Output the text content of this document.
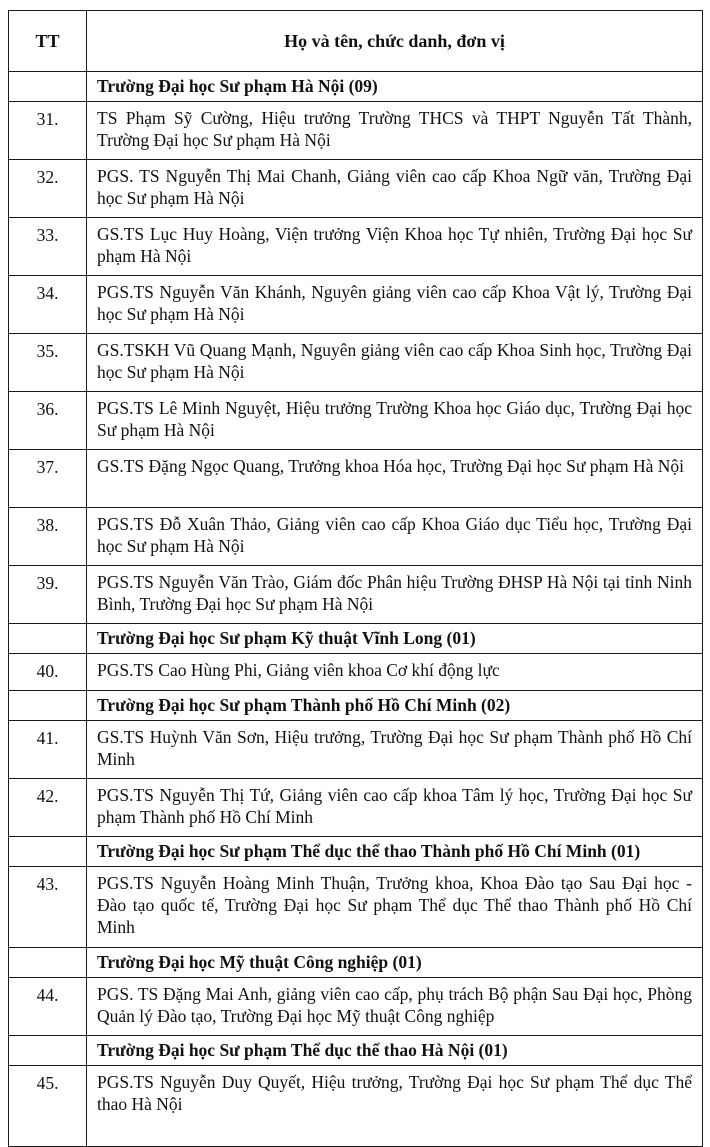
TT	Họ và tên, chức danh, đơn vị
	Trường Đại học Sư phạm Hà Nội (09)
31.	TS Phạm Sỹ Cường, Hiệu trưởng Trường THCS và THPT Nguyễn Tất Thành, Trường Đại học Sư phạm Hà Nội
32.	PGS. TS Nguyễn Thị Mai Chanh, Giảng viên cao cấp Khoa Ngữ văn, Trường Đại học Sư phạm Hà Nội
33.	GS.TS Lục Huy Hoàng, Viện trưởng Viện Khoa học Tự nhiên, Trường Đại học Sư phạm Hà Nội
34.	PGS.TS Nguyễn Văn Khánh, Nguyên giảng viên cao cấp Khoa Vật lý, Trường Đại học Sư phạm Hà Nội
35.	GS.TSKH Vũ Quang Mạnh, Nguyên giảng viên cao cấp Khoa Sinh học, Trường Đại học Sư phạm Hà Nội
36.	PGS.TS Lê Minh Nguyệt, Hiệu trưởng Trường Khoa học Giáo dục, Trường Đại học Sư phạm Hà Nội
37.	GS.TS Đặng Ngọc Quang, Trưởng khoa Hóa học, Trường Đại học Sư phạm Hà Nội
38.	PGS.TS Đỗ Xuân Thảo, Giảng viên cao cấp Khoa Giáo dục Tiểu học, Trường Đại học Sư phạm Hà Nội
39.	PGS.TS Nguyễn Văn Trào, Giám đốc Phân hiệu Trường ĐHSP Hà Nội tại tỉnh Ninh Bình, Trường Đại học Sư phạm Hà Nội
	Trường Đại học Sư phạm Kỹ thuật Vĩnh Long (01)
40.	PGS.TS Cao Hùng Phi, Giảng viên khoa Cơ khí động lực
	Trường Đại học Sư phạm Thành phố Hồ Chí Minh (02)
41.	GS.TS Huỳnh Văn Sơn, Hiệu trưởng, Trường Đại học Sư phạm Thành phố Hồ Chí Minh
42.	PGS.TS Nguyễn Thị Tứ, Giảng viên cao cấp khoa Tâm lý học, Trường Đại học Sư phạm Thành phố Hồ Chí Minh
	Trường Đại học Sư phạm Thể dục thể thao Thành phố Hồ Chí Minh (01)
43.	PGS.TS Nguyễn Hoàng Minh Thuận, Trưởng khoa, Khoa Đào tạo Sau Đại học - Đào tạo quốc tế, Trường Đại học Sư phạm Thể dục Thể thao Thành phố Hồ Chí Minh
	Trường Đại học Mỹ thuật Công nghiệp (01)
44.	PGS. TS Đặng Mai Anh, giảng viên cao cấp, phụ trách Bộ phận Sau Đại học, Phòng Quản lý Đào tạo, Trường Đại học Mỹ thuật Công nghiệp
	Trường Đại học Sư phạm Thể dục thể thao Hà Nội (01)
45.	PGS.TS Nguyễn Duy Quyết, Hiệu trưởng, Trường Đại học Sư phạm Thể dục Thể thao Hà Nội
